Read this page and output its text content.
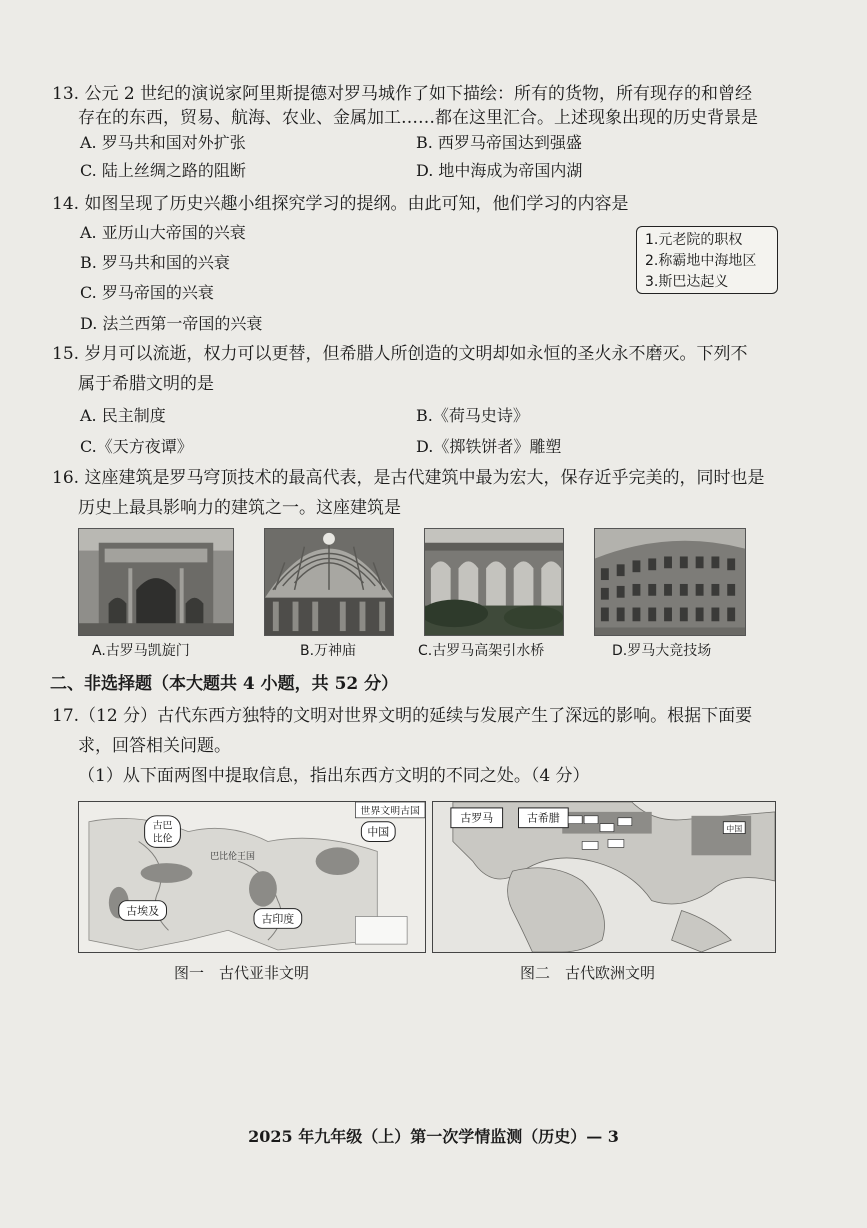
13. 公元 2 世纪的演说家阿里斯提德对罗马城作了如下描绘：所有的货物，所有现存的和曾经
存在的东西，贸易、航海、农业、金属加工……都在这里汇合。上述现象出现的历史背景是
A. 罗马共和国对外扩张	B. 西罗马帝国达到强盛
C. 陆上丝绸之路的阻断	D. 地中海成为帝国内湖
14. 如图呈现了历史兴趣小组探究学习的提纲。由此可知，他们学习的内容是
A. 亚历山大帝国的兴衰
B. 罗马共和国的兴衰
C. 罗马帝国的兴衰
D. 法兰西第一帝国的兴衰
1.元老院的职权
2.称霸地中海地区
3.斯巴达起义
15. 岁月可以流逝，权力可以更替，但希腊人所创造的文明却如永恒的圣火永不磨灭。下列不
属于希腊文明的是
A. 民主制度	B.《荷马史诗》
C.《天方夜谭》	D.《掷铁饼者》雕塑
16. 这座建筑是罗马穹顶技术的最高代表，是古代建筑中最为宏大，保存近乎完美的，同时也是
历史上最具影响力的建筑之一。这座建筑是
A.古罗马凯旋门	B.万神庙	C.古罗马高架引水桥	D.罗马大竞技场
二、非选择题（本大题共 4 小题，共 52 分）
17.（12 分）古代东西方独特的文明对世界文明的延续与发展产生了深远的影响。根据下面要
求，回答相关问题。
（1）从下面两图中提取信息，指出东西方文明的不同之处。（4 分）
世界文明古国
古巴
比伦
中国
古埃及
古印度
巴比伦王国
图一　古代亚非文明
古罗马	古希腊
中国
图二　古代欧洲文明
2025 年九年级（上）第一次学情监测（历史）— 3
